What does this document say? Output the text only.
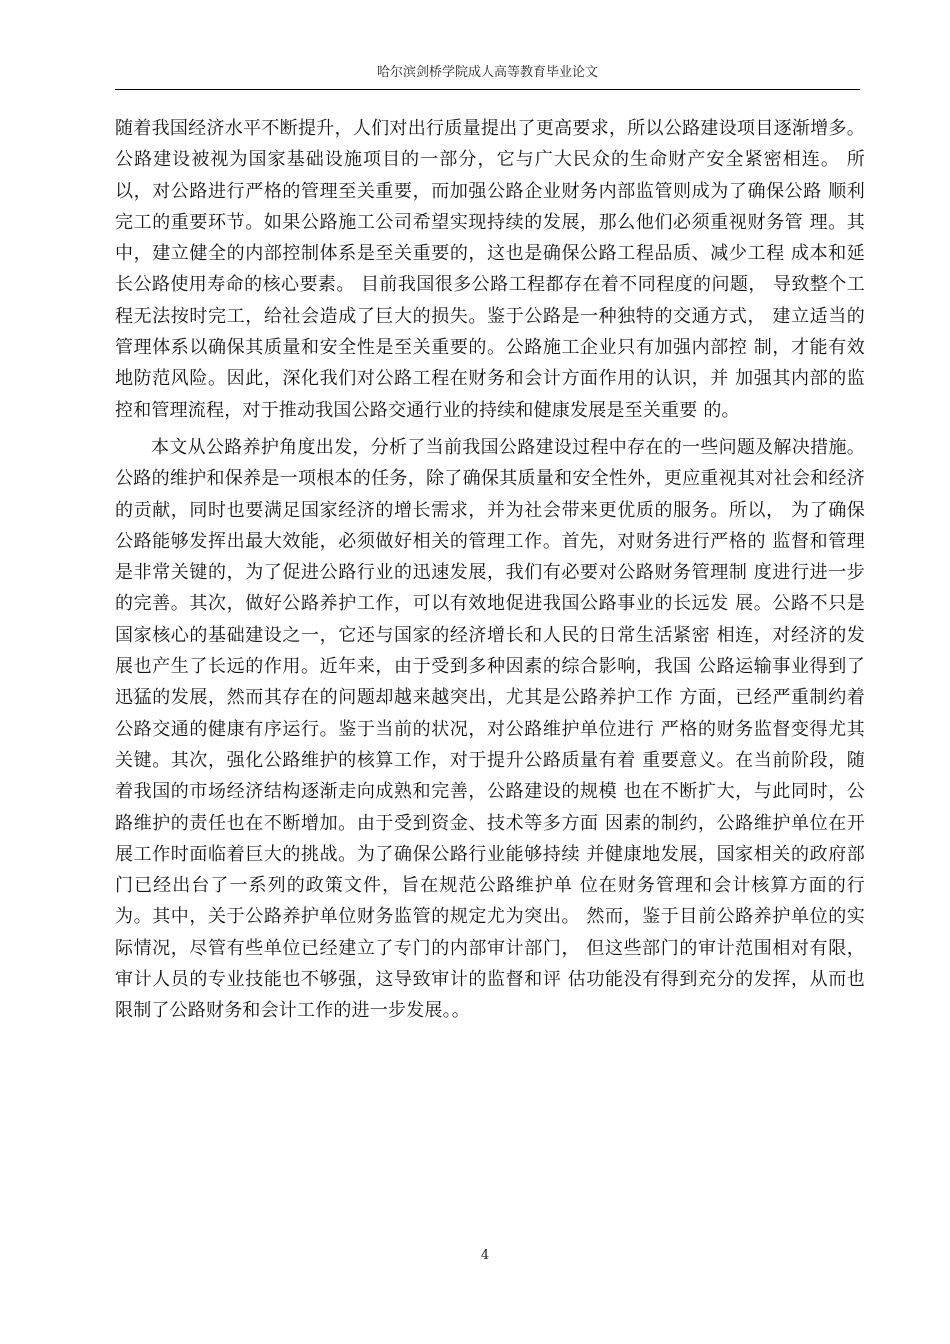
哈尔滨剑桥学院成人高等教育毕业论文

随着我国经济水平不断提升，人们对出行质量提出了更高要求，所以公路建设项目逐渐增多。公路建设被视为国家基础设施项目的一部分，它与广大民众的生命财产安全紧密相连。 所以，对公路进行严格的管理至关重要，而加强公路企业财务内部监管则成为了确保公路 顺利完工的重要环节。如果公路施工公司希望实现持续的发展，那么他们必须重视财务管 理。其中，建立健全的内部控制体系是至关重要的，这也是确保公路工程品质、减少工程 成本和延长公路使用寿命的核心要素。 目前我国很多公路工程都存在着不同程度的问题， 导致整个工程无法按时完工，给社会造成了巨大的损失。鉴于公路是一种独特的交通方式， 建立适当的管理体系以确保其质量和安全性是至关重要的。公路施工企业只有加强内部控 制，才能有效地防范风险。因此，深化我们对公路工程在财务和会计方面作用的认识，并 加强其内部的监控和管理流程，对于推动我国公路交通行业的持续和健康发展是至关重要 的。

本文从公路养护角度出发，分析了当前我国公路建设过程中存在的一些问题及解决措施。公路的维护和保养是一项根本的任务，除了确保其质量和安全性外，更应重视其对社会和经济的贡献，同时也要满足国家经济的增长需求，并为社会带来更优质的服务。所以， 为了确保公路能够发挥出最大效能，必须做好相关的管理工作。首先，对财务进行严格的 监督和管理是非常关键的，为了促进公路行业的迅速发展，我们有必要对公路财务管理制 度进行进一步的完善。其次，做好公路养护工作，可以有效地促进我国公路事业的长远发 展。公路不只是国家核心的基础建设之一，它还与国家的经济增长和人民的日常生活紧密 相连，对经济的发展也产生了长远的作用。近年来，由于受到多种因素的综合影响，我国 公路运输事业得到了迅猛的发展，然而其存在的问题却越来越突出，尤其是公路养护工作 方面，已经严重制约着公路交通的健康有序运行。鉴于当前的状况，对公路维护单位进行 严格的财务监督变得尤其关键。其次，强化公路维护的核算工作，对于提升公路质量有着 重要意义。在当前阶段，随着我国的市场经济结构逐渐走向成熟和完善，公路建设的规模 也在不断扩大，与此同时，公路维护的责任也在不断增加。由于受到资金、技术等多方面 因素的制约，公路维护单位在开展工作时面临着巨大的挑战。为了确保公路行业能够持续 并健康地发展，国家相关的政府部门已经出台了一系列的政策文件，旨在规范公路维护单 位在财务管理和会计核算方面的行为。其中，关于公路养护单位财务监管的规定尤为突出。 然而，鉴于目前公路养护单位的实际情况，尽管有些单位已经建立了专门的内部审计部门， 但这些部门的审计范围相对有限，审计人员的专业技能也不够强，这导致审计的监督和评 估功能没有得到充分的发挥，从而也限制了公路财务和会计工作的进一步发展。。

4
